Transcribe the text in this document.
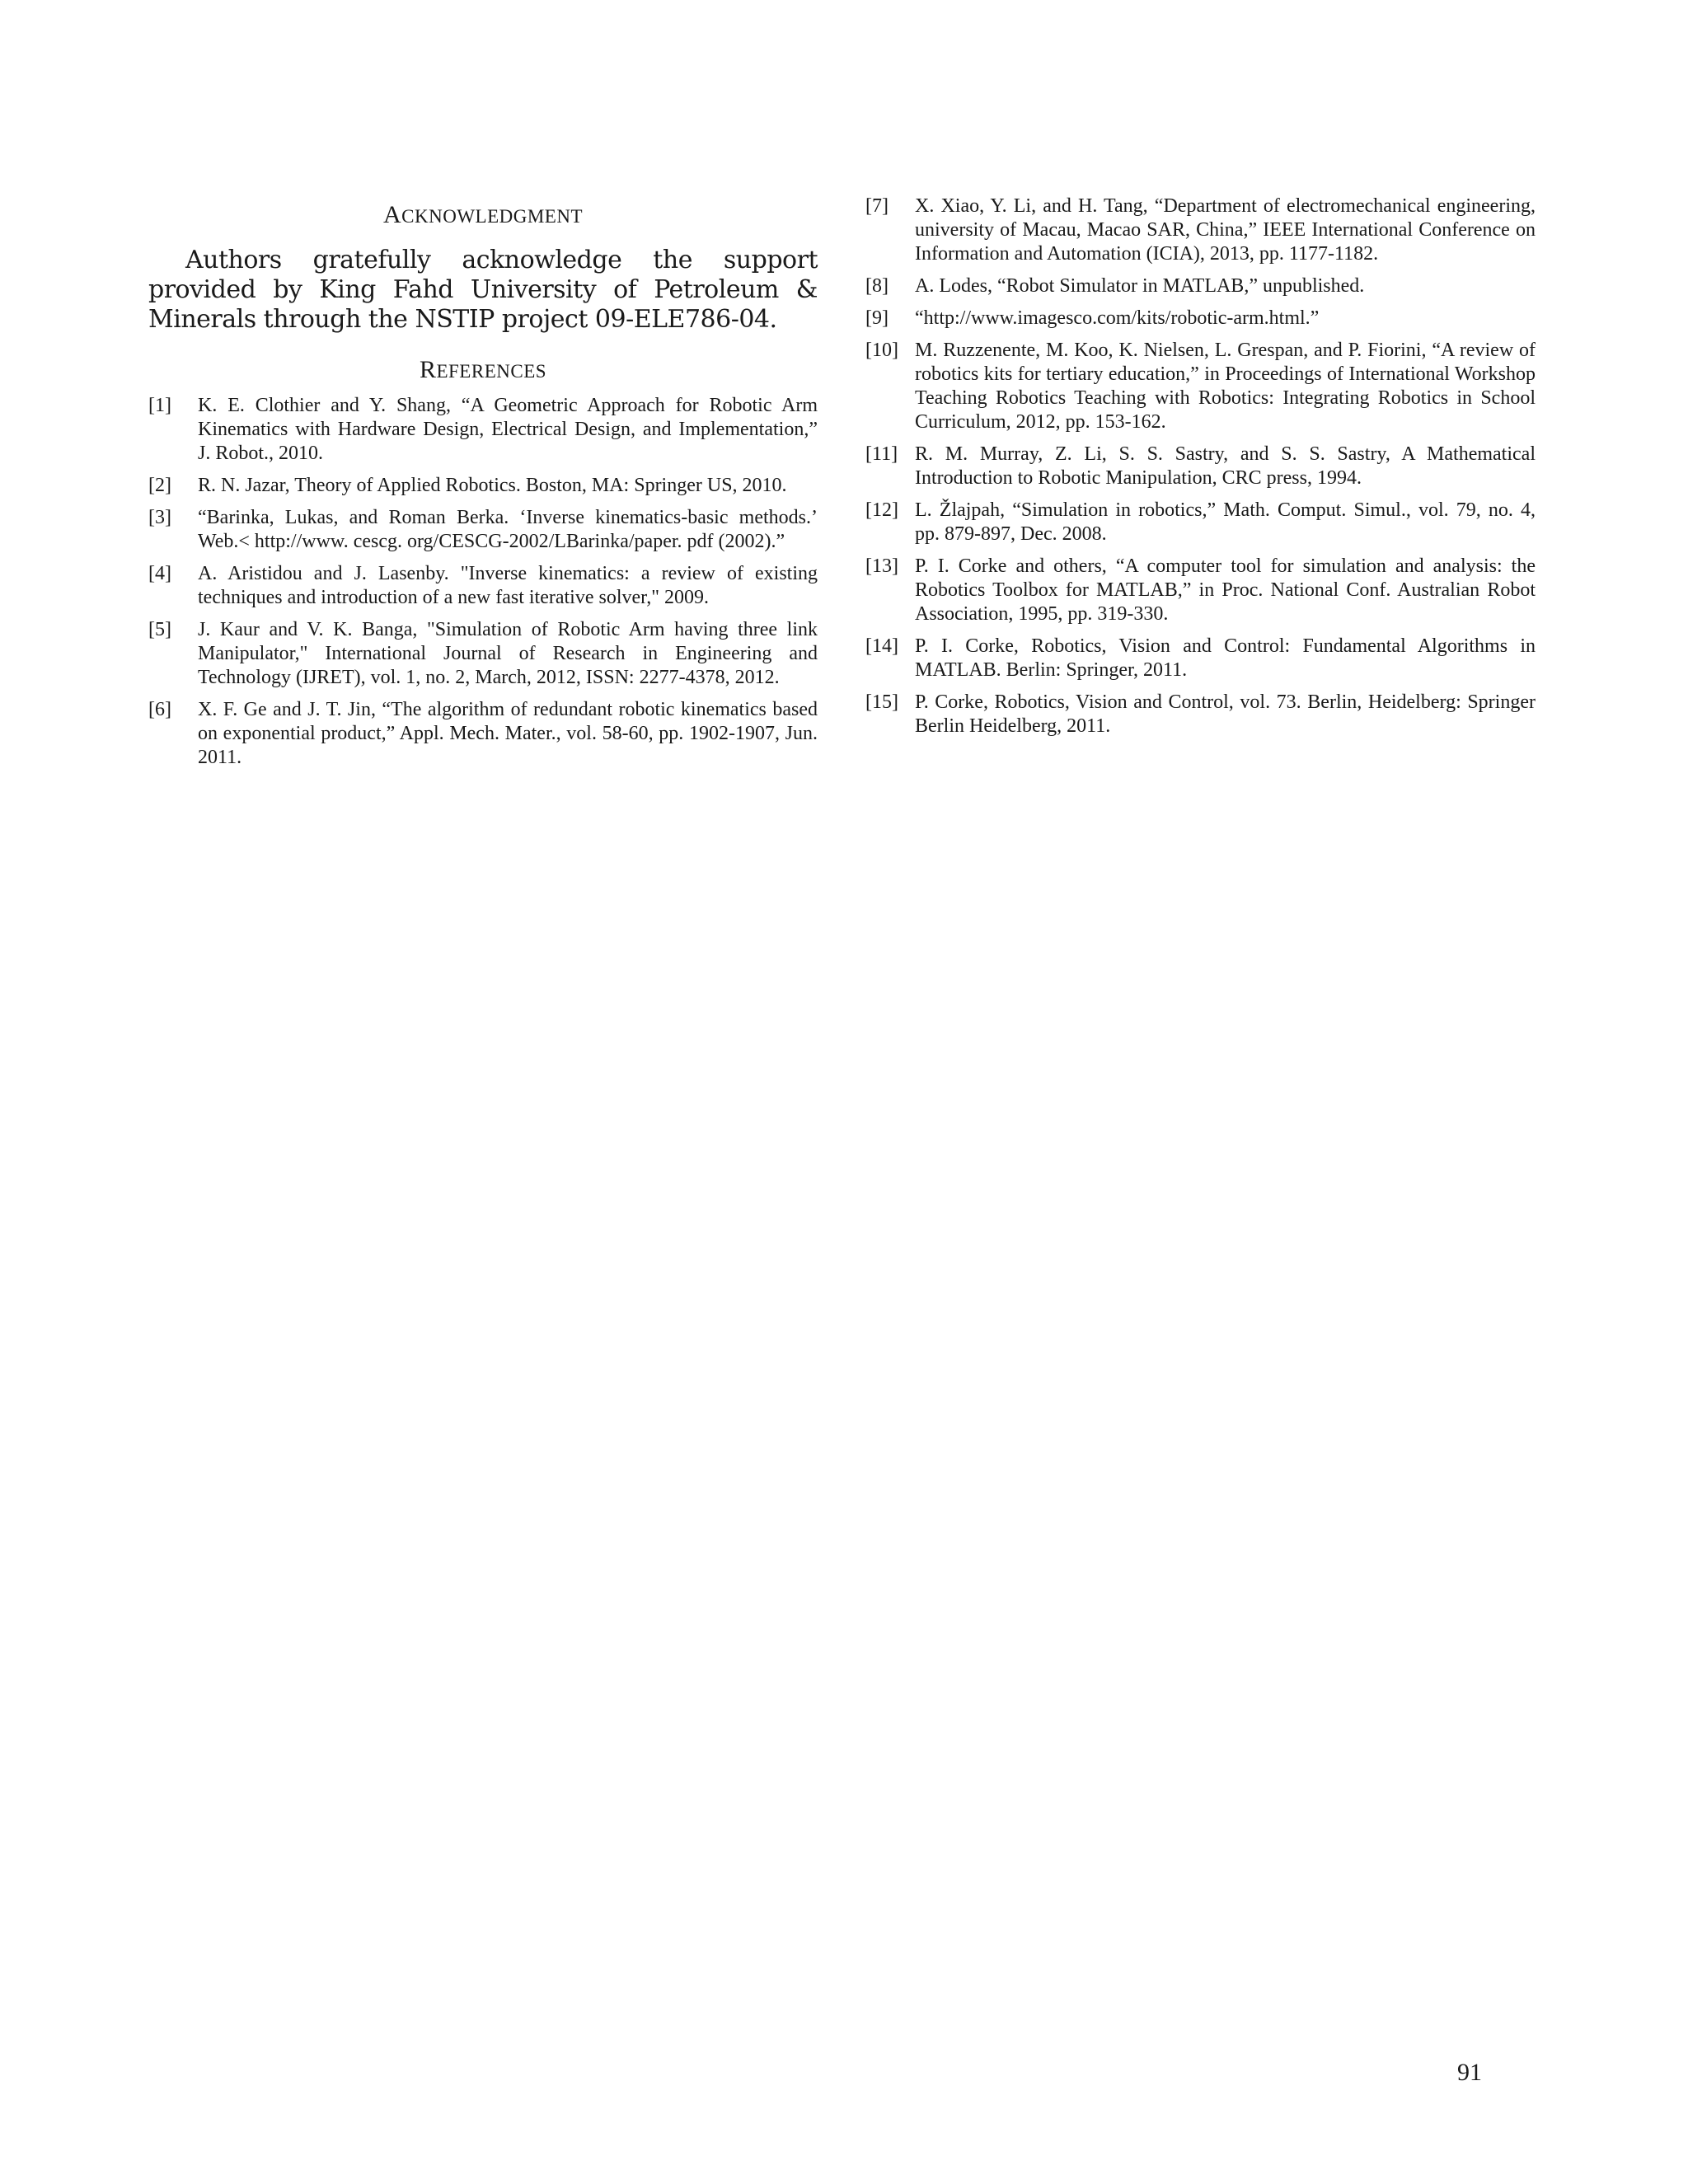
ACKNOWLEDGMENT

Authors gratefully acknowledge the support provided by King Fahd University of Petroleum & Minerals through the NSTIP project 09-ELE786-04.

REFERENCES
[1]	K. E. Clothier and Y. Shang, “A Geometric Approach for Robotic Arm Kinematics with Hardware Design, Electrical Design, and Implementation,” J. Robot., 2010.
[2]	R. N. Jazar, Theory of Applied Robotics. Boston, MA: Springer US, 2010.
[3]	“Barinka, Lukas, and Roman Berka. ‘Inverse kinematics-basic methods.’ Web.< http://www. cescg. org/CESCG-2002/LBarinka/paper. pdf (2002).”
[4]	A. Aristidou and J. Lasenby. "Inverse kinematics: a review of existing techniques and introduction of a new fast iterative solver," 2009.
[5]	J. Kaur and V. K. Banga, "Simulation of Robotic Arm having three link Manipulator," International Journal of Research in Engineering and Technology (IJRET), vol. 1, no. 2, March, 2012, ISSN: 2277-4378, 2012.
[6]	X. F. Ge and J. T. Jin, “The algorithm of redundant robotic kinematics based on exponential product,” Appl. Mech. Mater., vol. 58-60, pp. 1902-1907, Jun. 2011.
[7]	X. Xiao, Y. Li, and H. Tang, “Department of electromechanical engineering, university of Macau, Macao SAR, China,” IEEE International Conference on Information and Automation (ICIA), 2013, pp. 1177-1182.
[8]	A. Lodes, “Robot Simulator in MATLAB,” unpublished.
[9]	“http://www.imagesco.com/kits/robotic-arm.html.”
[10] M. Ruzzenente, M. Koo, K. Nielsen, L. Grespan, and P. Fiorini, “A review of robotics kits for tertiary education,” in Proceedings of International Workshop Teaching Robotics Teaching with Robotics: Integrating Robotics in School Curriculum, 2012, pp. 153-162.
[11] R. M. Murray, Z. Li, S. S. Sastry, and S. S. Sastry, A Mathematical Introduction to Robotic Manipulation, CRC press, 1994.
[12] L. Žlajpah, “Simulation in robotics,” Math. Comput. Simul., vol. 79, no. 4, pp. 879-897, Dec. 2008.
[13] P. I. Corke and others, “A computer tool for simulation and analysis: the Robotics Toolbox for MATLAB,” in Proc. National Conf. Australian Robot Association, 1995, pp. 319-330.
[14] P. I. Corke, Robotics, Vision and Control: Fundamental Algorithms in MATLAB. Berlin: Springer, 2011.
[15] P. Corke, Robotics, Vision and Control, vol. 73. Berlin, Heidelberg: Springer Berlin Heidelberg, 2011.
91
